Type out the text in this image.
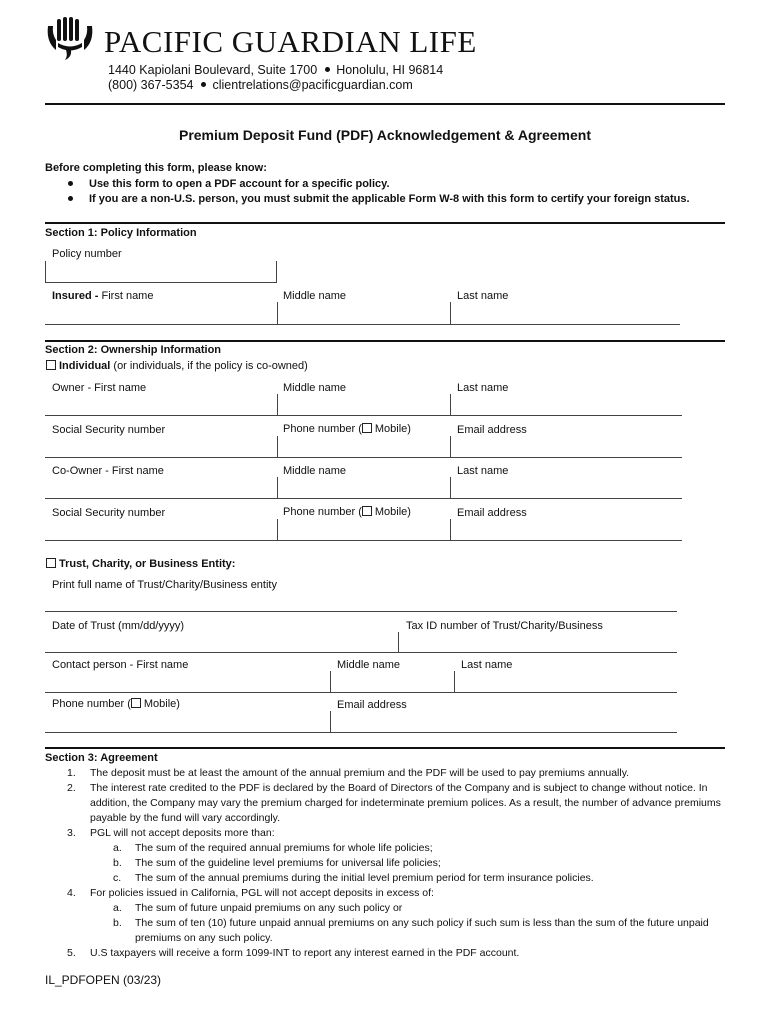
PACIFIC GUARDIAN LIFE
1440 Kapiolani Boulevard, Suite 1700 Honolulu, HI 96814
(800) 367-5354 clientrelations@pacificguardian.com
Premium Deposit Fund (PDF) Acknowledgement & Agreement
Before completing this form, please know:
Use this form to open a PDF account for a specific policy.
If you are a non-U.S. person, you must submit the applicable Form W-8 with this form to certify your foreign status.
Section 1: Policy Information
Policy number
Insured - First name	Middle name	Last name
Section 2: Ownership Information
Individual (or individuals, if the policy is co-owned)
Owner - First name	Middle name	Last name
Social Security number	Phone number ( Mobile)	Email address
Co-Owner - First name	Middle name	Last name
Social Security number	Phone number ( Mobile)	Email address
Trust, Charity, or Business Entity:
Print full name of Trust/Charity/Business entity
Date of Trust (mm/dd/yyyy)	Tax ID number of Trust/Charity/Business
Contact person - First name	Middle name	Last name
Phone number ( Mobile)	Email address
Section 3: Agreement
1. The deposit must be at least the amount of the annual premium and the PDF will be used to pay premiums annually.
2. The interest rate credited to the PDF is declared by the Board of Directors of the Company and is subject to change without notice. In
addition, the Company may vary the premium charged for indeterminate premium polices. As a result, the number of advance premiums
payable by the fund will vary accordingly.
3. PGL will not accept deposits more than:
a. The sum of the required annual premiums for whole life policies;
b. The sum of the guideline level premiums for universal life policies;
c. The sum of the annual premiums during the initial level premium period for term insurance policies.
4. For policies issued in California, PGL will not accept deposits in excess of:
a. The sum of future unpaid premiums on any such policy or
b. The sum of ten (10) future unpaid annual premiums on any such policy if such sum is less than the sum of the future unpaid
premiums on any such policy.
5. U.S taxpayers will receive a form 1099-INT to report any interest earned in the PDF account.
IL_PDFOPEN (03/23)
